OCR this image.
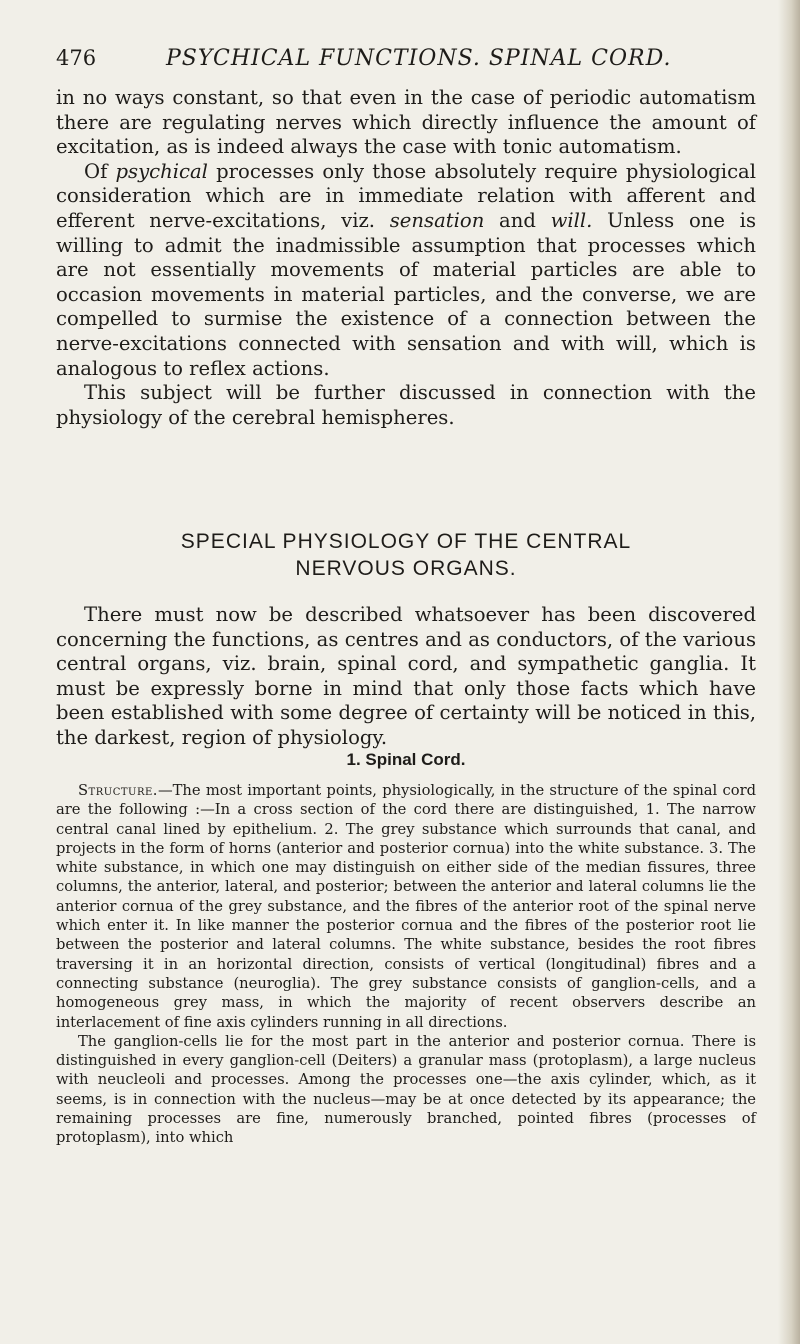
476	PSYCHICAL FUNCTIONS. SPINAL CORD.

in no ways constant, so that even in the case of periodic automatism there are regulating nerves which directly influence the amount of excitation, as is indeed always the case with tonic automatism.

Of psychical processes only those absolutely require physiological consideration which are in immediate relation with afferent and efferent nerve-excitations, viz. sensation and will. Unless one is willing to admit the inadmissible assumption that processes which are not essentially movements of material particles are able to occasion movements in material particles, and the converse, we are compelled to surmise the existence of a connection between the nerve-excitations connected with sensation and with will, which is analogous to reflex actions.

This subject will be further discussed in connection with the physiology of the cerebral hemispheres.

SPECIAL PHYSIOLOGY OF THE CENTRAL
NERVOUS ORGANS.

There must now be described whatsoever has been discovered concerning the functions, as centres and as conductors, of the various central organs, viz. brain, spinal cord, and sympathetic ganglia. It must be expressly borne in mind that only those facts which have been established with some degree of certainty will be noticed in this, the darkest, region of physiology.

1. Spinal Cord.

Structure.—The most important points, physiologically, in the structure of the spinal cord are the following :—In a cross section of the cord there are distinguished, 1. The narrow central canal lined by epithelium. 2. The grey substance which surrounds that canal, and projects in the form of horns (anterior and posterior cornua) into the white substance. 3. The white substance, in which one may distinguish on either side of the median fissures, three columns, the anterior, lateral, and posterior; between the anterior and lateral columns lie the anterior cornua of the grey substance, and the fibres of the anterior root of the spinal nerve which enter it. In like manner the posterior cornua and the fibres of the posterior root lie between the posterior and lateral columns. The white substance, besides the root fibres traversing it in an horizontal direction, consists of vertical (longitudinal) fibres and a connecting substance (neuroglia). The grey substance consists of ganglion-cells, and a homogeneous grey mass, in which the majority of recent observers describe an interlacement of fine axis cylinders running in all directions.

The ganglion-cells lie for the most part in the anterior and posterior cornua. There is distinguished in every ganglion-cell (Deiters) a granular mass (protoplasm), a large nucleus with neucleoli and processes. Among the processes one—the axis cylinder, which, as it seems, is in connection with the nucleus—may be at once detected by its appearance; the remaining processes are fine, numerously branched, pointed fibres (processes of protoplasm), into which
